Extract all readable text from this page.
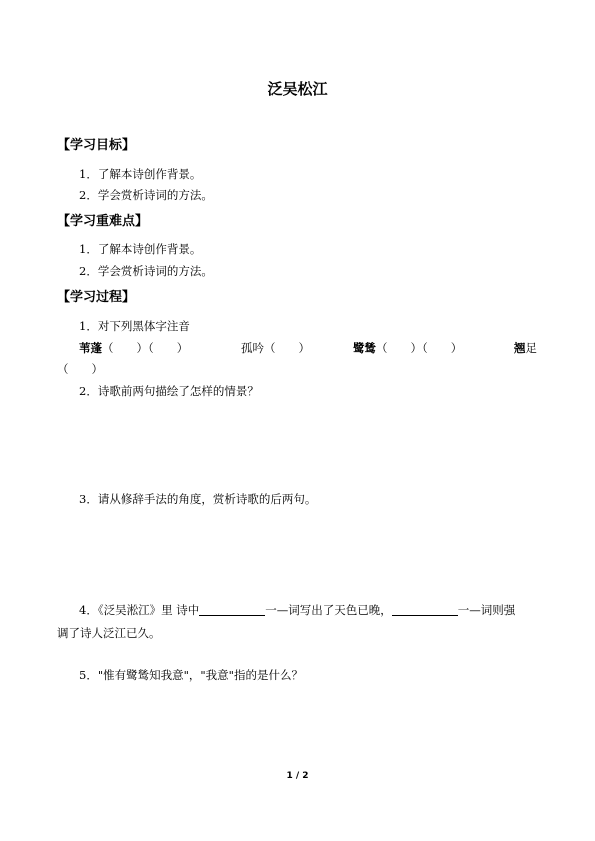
泛吴松江
【学习目标】
1．了解本诗创作背景。
2．学会赏析诗词的方法。
【学习重难点】
1．了解本诗创作背景。
2．学会赏析诗词的方法。
【学习过程】
1．对下列黑体字注音
苇蓬（　　）（　　）	孤吟（　　）	鹭鸶（　　）（　　）	翘足
（　　）
2．诗歌前两句描绘了怎样的情景？
3．请从修辞手法的角度，赏析诗歌的后两句。
4．《泛吴淞江》里 诗中	一—词写出了天色已晚，	一—词则强
调了诗人泛江已久。
5．"惟有鹭鸶知我意"，"我意"指的是什么？
1 / 2
